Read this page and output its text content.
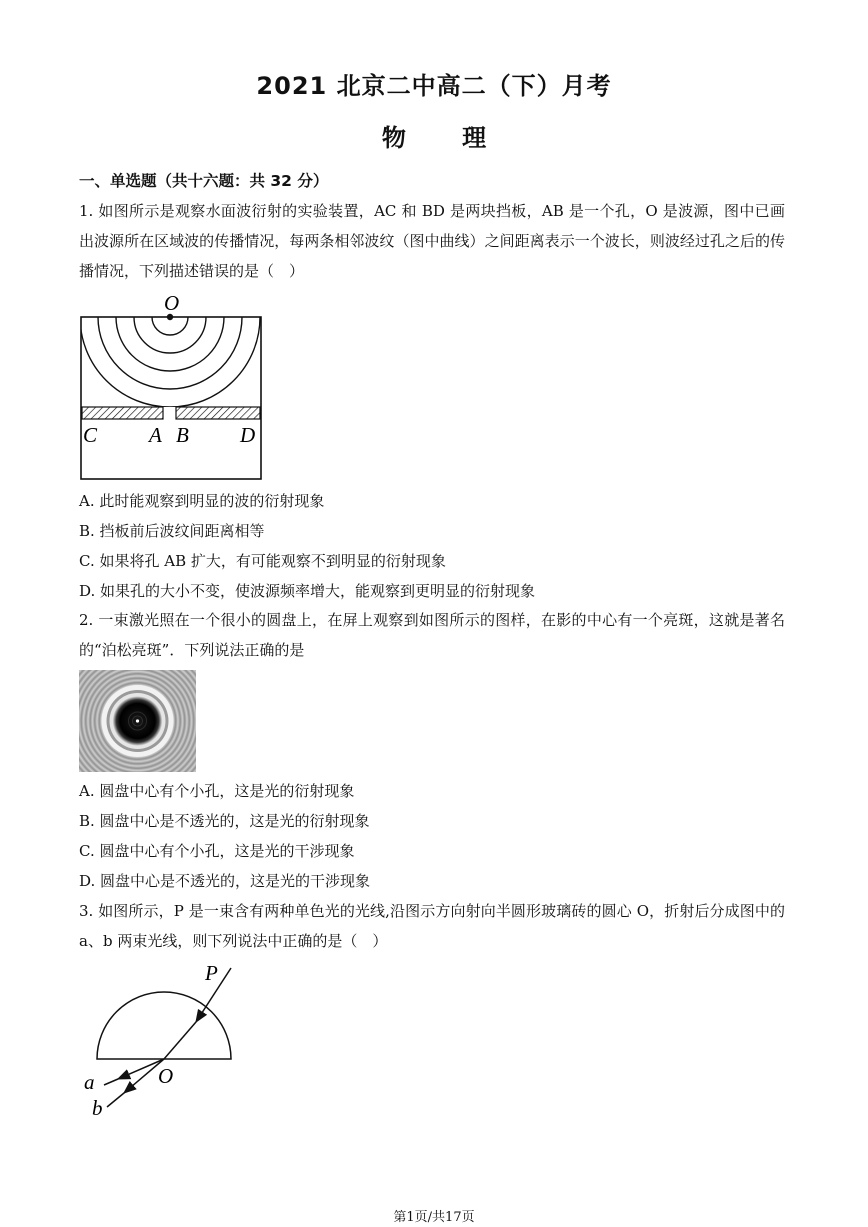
2021 北京二中高二（下）月考
物 理
一、单选题（共十六题：共 32 分）
1. 如图所示是观察水面波衍射的实验装置，AC 和 BD 是两块挡板，AB 是一个孔，O 是波源，图中已画出波源所在区域波的传播情况，每两条相邻波纹（图中曲线）之间距离表示一个波长，则波经过孔之后的传播情况，下列描述错误的是（　）
O
C A B D
A. 此时能观察到明显的波的衍射现象
B. 挡板前后波纹间距离相等
C. 如果将孔 AB 扩大，有可能观察不到明显的衍射现象
D. 如果孔的大小不变，使波源频率增大，能观察到更明显的衍射现象
2. 一束激光照在一个很小的圆盘上，在屏上观察到如图所示的图样，在影的中心有一个亮斑，这就是著名的“泊松亮斑”．下列说法正确的是
A. 圆盘中心有个小孔，这是光的衍射现象
B. 圆盘中心是不透光的，这是光的衍射现象
C. 圆盘中心有个小孔，这是光的干涉现象
D. 圆盘中心是不透光的，这是光的干涉现象
3. 如图所示，P 是一束含有两种单色光的光线,沿图示方向射向半圆形玻璃砖的圆心 O，折射后分成图中的 a、b 两束光线，则下列说法中正确的是（　）
P
O
a
b
第1页/共17页
